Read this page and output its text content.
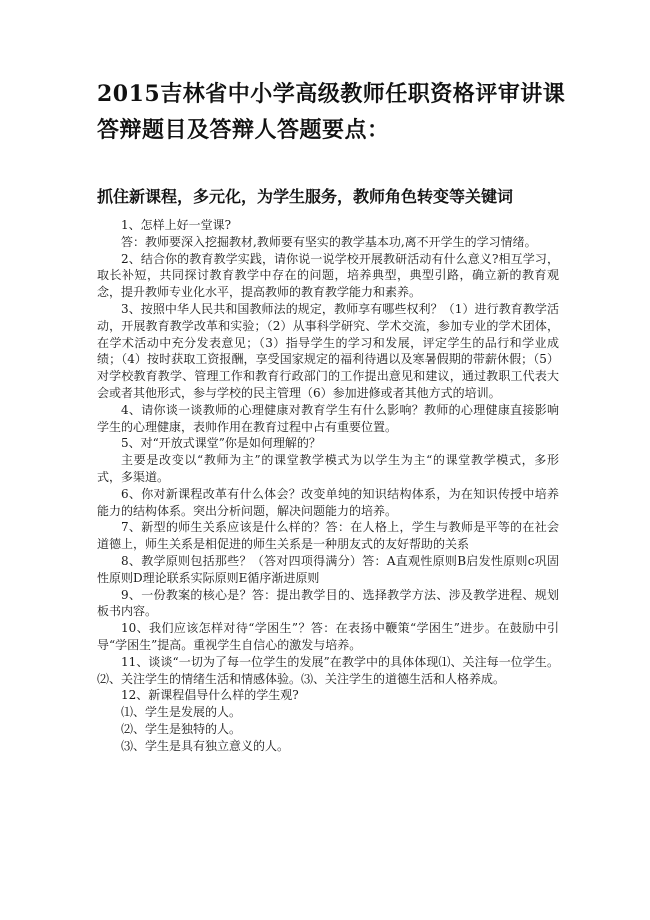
2015吉林省中小学高级教师任职资格评审讲课答辩题目及答辩人答题要点：
抓住新课程，多元化，为学生服务，教师角色转变等关键词

1、怎样上好一堂课?

答：教师要深入挖掘教材,教师要有坚实的教学基本功,离不开学生的学习情绪。

2、结合你的教育教学实践，请你说一说学校开展教研活动有什么意义?相互学习，取长补短，共同探讨教育教学中存在的问题，培养典型，典型引路，确立新的教育观念，提升教师专业化水平，提高教师的教育教学能力和素养。

3、按照中华人民共和国教师法的规定，教师享有哪些权利？（1）进行教育教学活动，开展教育教学改革和实验；（2）从事科学研究、学术交流，参加专业的学术团体，在学术活动中充分发表意见；（3）指导学生的学习和发展，评定学生的品行和学业成绩；（4）按时获取工资报酬，享受国家规定的福利待遇以及寒暑假期的带薪休假；（5）对学校教育教学、管理工作和教育行政部门的工作提出意见和建议，通过教职工代表大会或者其他形式，参与学校的民主管理（6）参加进修或者其他方式的培训。

4、请你谈一谈教师的心理健康对教育学生有什么影响？教师的心理健康直接影响学生的心理健康，表帅作用在教育过程中占有重要位置。

5、对“开放式课堂”你是如何理解的？

主要是改变以“教师为主”的课堂教学模式为以学生为主“的课堂教学模式，多形式，多渠道。

6、你对新课程改革有什么体会？改变单纯的知识结构体系，为在知识传授中培养能力的结构体系。突出分析问题，解决问题能力的培养。

7、新型的师生关系应该是什么样的？答：在人格上，学生与教师是平等的在社会道德上，师生关系是相促进的师生关系是一种朋友式的友好帮助的关系

8、教学原则包括那些？（答对四项得满分）答：A直观性原则B启发性原则c巩固性原则D理论联系实际原则E循序渐进原则

9、一份教案的核心是？答：提出教学目的、选择教学方法、涉及教学进程、规划板书内容。

10、我们应该怎样对待“学困生”？答：在表扬中鞭策“学困生”进步。在鼓励中引导“学困生”提高。重视学生自信心的激发与培养。

11、谈谈“一切为了每一位学生的发展”在教学中的具体体现⑴、关注每一位学生。⑵、关注学生的情绪生活和情感体验。⑶、关注学生的道德生活和人格养成。

12、新课程倡导什么样的学生观?

⑴、学生是发展的人。

⑵、学生是独特的人。

⑶、学生是具有独立意义的人。
